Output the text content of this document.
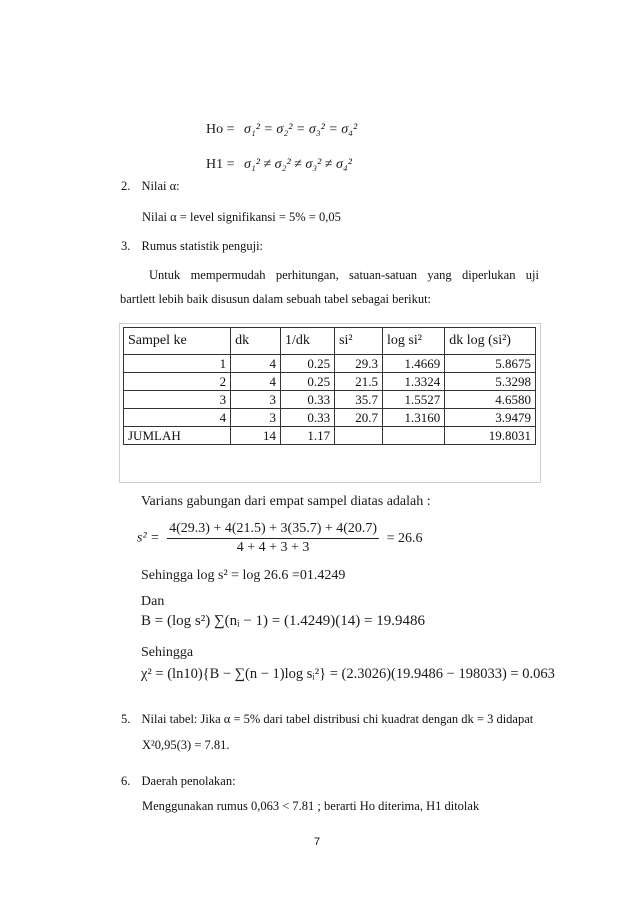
Ho = σ₁² = σ₂² = σ₃² = σ₄²
H1 = σ₁² ≠ σ₂² ≠ σ₃² ≠ σ₄²
2. Nilai α:
Nilai α = level signifikansi = 5% = 0,05
3. Rumus statistik penguji:
Untuk mempermudah perhitungan, satuan-satuan yang diperlukan uji
bartlett lebih baik disusun dalam sebuah tabel sebagai berikut:
Sampel ke	dk	1/dk	si²	log si²	dk log (si²)
1	4	0.25	29.3	1.4669	5.8675
2	4	0.25	21.5	1.3324	5.3298
3	3	0.33	35.7	1.5527	4.6580
4	3	0.33	20.7	1.3160	3.9479
JUMLAH	14	1.17			19.8031
Varians gabungan dari empat sampel diatas adalah :
$s^2 = \frac{4(29.3) + 4(21.5) + 3(35.7) + 4(20.7)}{4 + 4 + 3 + 3} = 26.6$
Sehingga log s² = log 26.6 =01.4249
Dan
B = (log s²) ∑(nᵢ − 1) = (1.4249)(14) = 19.9486
Sehingga
χ² = (ln10){B − ∑(n − 1)log sᵢ²} = (2.3026)(19.9486 − 198033) = 0.063
5. Nilai tabel: Jika α = 5% dari tabel distribusi chi kuadrat dengan dk = 3 didapat
X²0,95(3) = 7.81.
6. Daerah penolakan:
Menggunakan rumus 0,063 < 7.81 ; berarti Ho diterima, H1 ditolak
7
